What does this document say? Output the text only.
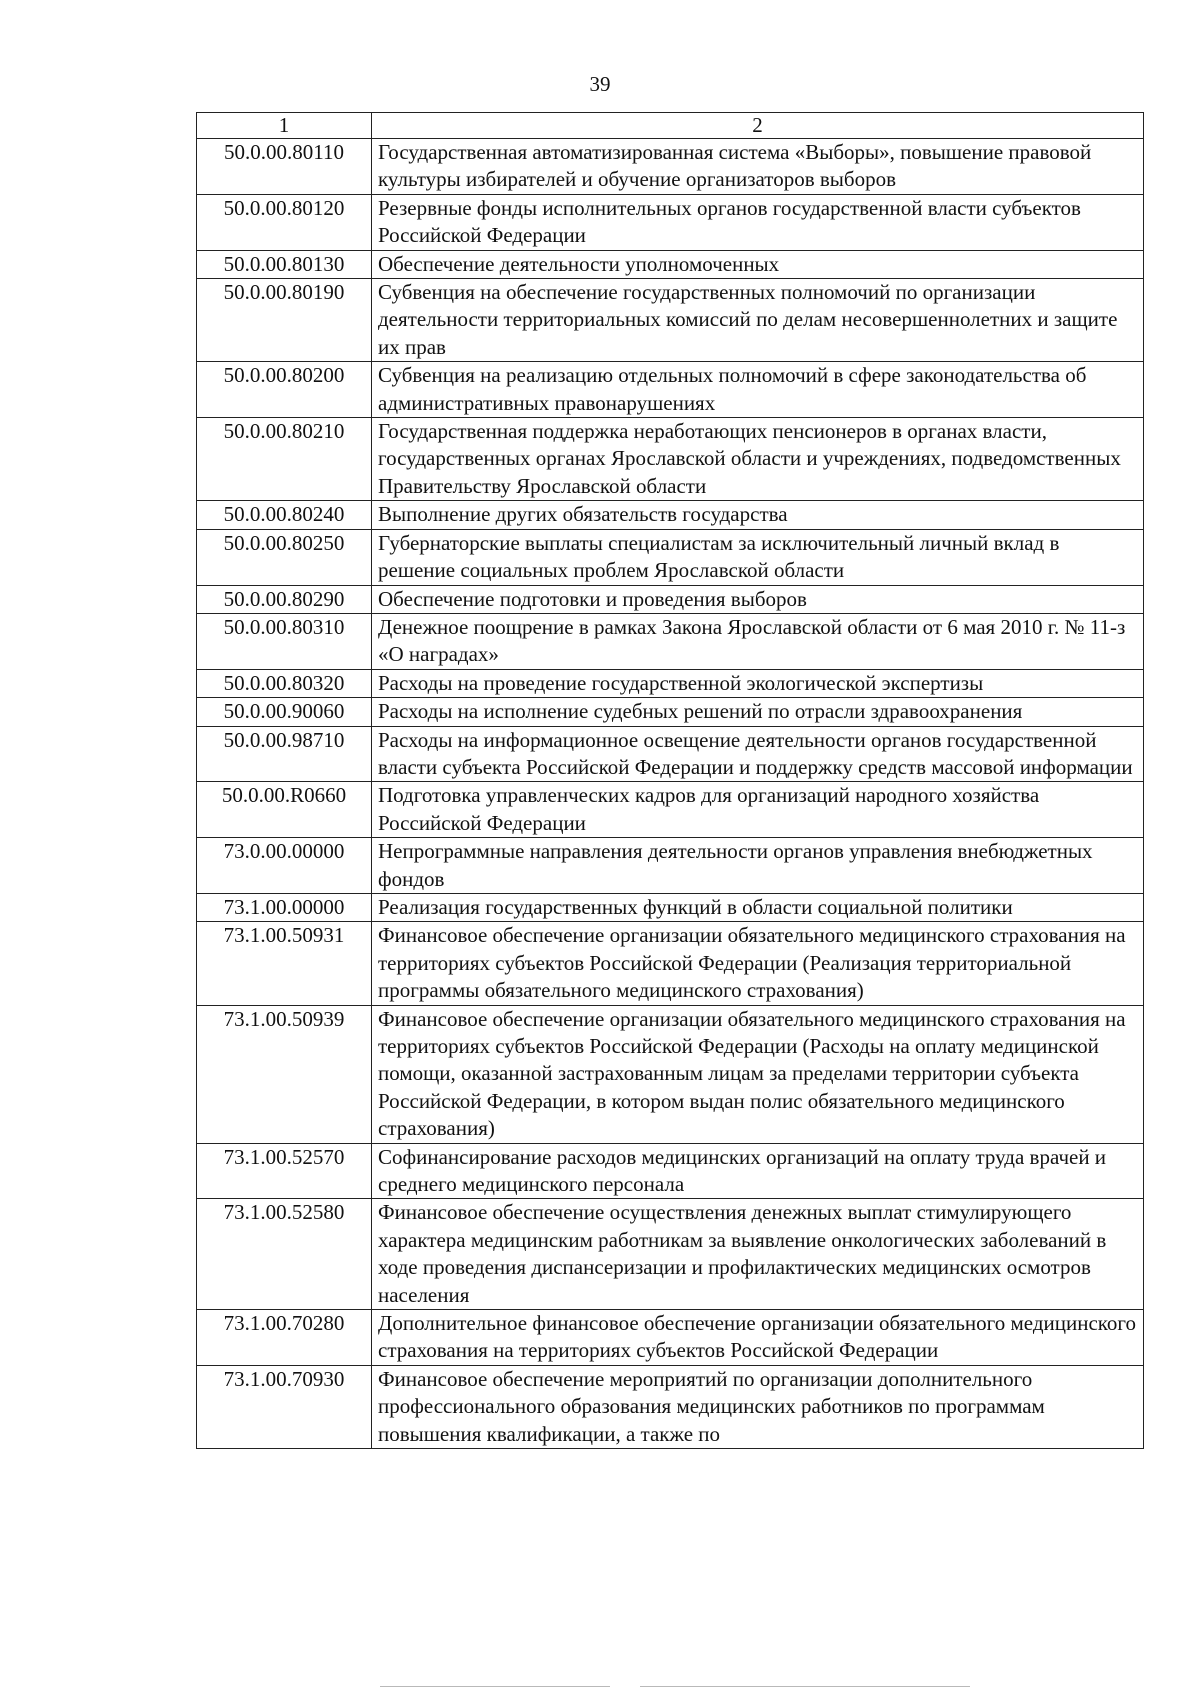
39
1	2
50.0.00.80110	Государственная автоматизированная система «Выборы», повышение правовой культуры избирателей и обучение организаторов выборов
50.0.00.80120	Резервные фонды исполнительных органов государственной власти субъектов Российской Федерации
50.0.00.80130	Обеспечение деятельности уполномоченных
50.0.00.80190	Субвенция на обеспечение государственных полномочий по организации деятельности территориальных комиссий по делам несовершеннолетних и защите их прав
50.0.00.80200	Субвенция на реализацию отдельных полномочий в сфере законодательства об административных правонарушениях
50.0.00.80210	Государственная поддержка неработающих пенсионеров в органах власти, государственных органах Ярославской области и учреждениях, подведомственных Правительству Ярославской области
50.0.00.80240	Выполнение других обязательств государства
50.0.00.80250	Губернаторские выплаты специалистам за исключительный личный вклад в решение социальных проблем Ярославской области
50.0.00.80290	Обеспечение подготовки и проведения выборов
50.0.00.80310	Денежное поощрение в рамках Закона Ярославской области от 6 мая 2010 г. № 11-з «О наградах»
50.0.00.80320	Расходы на проведение государственной экологической экспертизы
50.0.00.90060	Расходы на исполнение судебных решений по отрасли здравоохранения
50.0.00.98710	Расходы на информационное освещение деятельности органов государственной власти субъекта Российской Федерации и поддержку средств массовой информации
50.0.00.R0660	Подготовка управленческих кадров для организаций народного хозяйства Российской Федерации
73.0.00.00000	Непрограммные направления деятельности органов управления внебюджетных фондов
73.1.00.00000	Реализация государственных функций в области социальной политики
73.1.00.50931	Финансовое обеспечение организации обязательного медицинского страхования на территориях субъектов Российской Федерации (Реализация территориальной программы обязательного медицинского страхования)
73.1.00.50939	Финансовое обеспечение организации обязательного медицинского страхования на территориях субъектов Российской Федерации (Расходы на оплату медицинской помощи, оказанной застрахованным лицам за пределами территории субъекта Российской Федерации, в котором выдан полис обязательного медицинского страхования)
73.1.00.52570	Софинансирование расходов медицинских организаций на оплату труда врачей и среднего медицинского персонала
73.1.00.52580	Финансовое обеспечение осуществления денежных выплат стимулирующего характера медицинским работникам за выявление онкологических заболеваний в ходе проведения диспансеризации и профилактических медицинских осмотров населения
73.1.00.70280	Дополнительное финансовое обеспечение организации обязательного медицинского страхования на территориях субъектов Российской Федерации
73.1.00.70930	Финансовое обеспечение мероприятий по организации дополнительного профессионального образования медицинских работников по программам повышения квалификации, а также по
